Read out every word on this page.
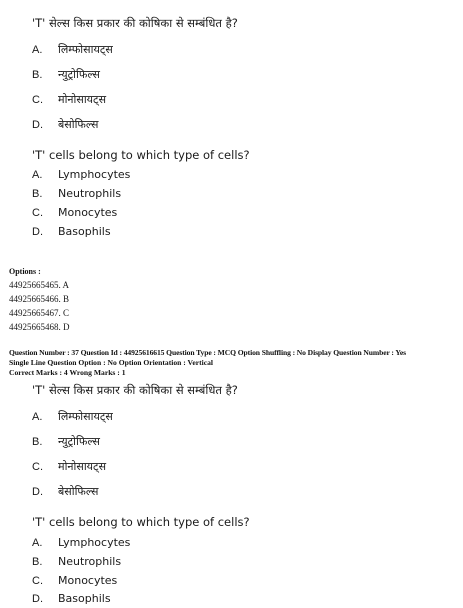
'T' सेल्स किस प्रकार की कोषिका से सम्बंधित है?
A. लिम्फोसायट्स
B. न्युट्रोफिल्स
C. मोनोसायट्स
D. बेसोफिल्स
'T' cells belong to which type of cells?
A. Lymphocytes
B. Neutrophils
C. Monocytes
D. Basophils
Options :
44925665465. A
44925665466. B
44925665467. C
44925665468. D
Question Number : 37 Question Id : 44925616615 Question Type : MCQ Option Shuffling : No Display Question Number : Yes
Single Line Question Option : No Option Orientation : Vertical
Correct Marks : 4 Wrong Marks : 1
'T' सेल्स किस प्रकार की कोषिका से सम्बंधित है?
A. लिम्फोसायट्स
B. न्युट्रोफिल्स
C. मोनोसायट्स
D. बेसोफिल्स
'T' cells belong to which type of cells?
A. Lymphocytes
B. Neutrophils
C. Monocytes
D. Basophils
